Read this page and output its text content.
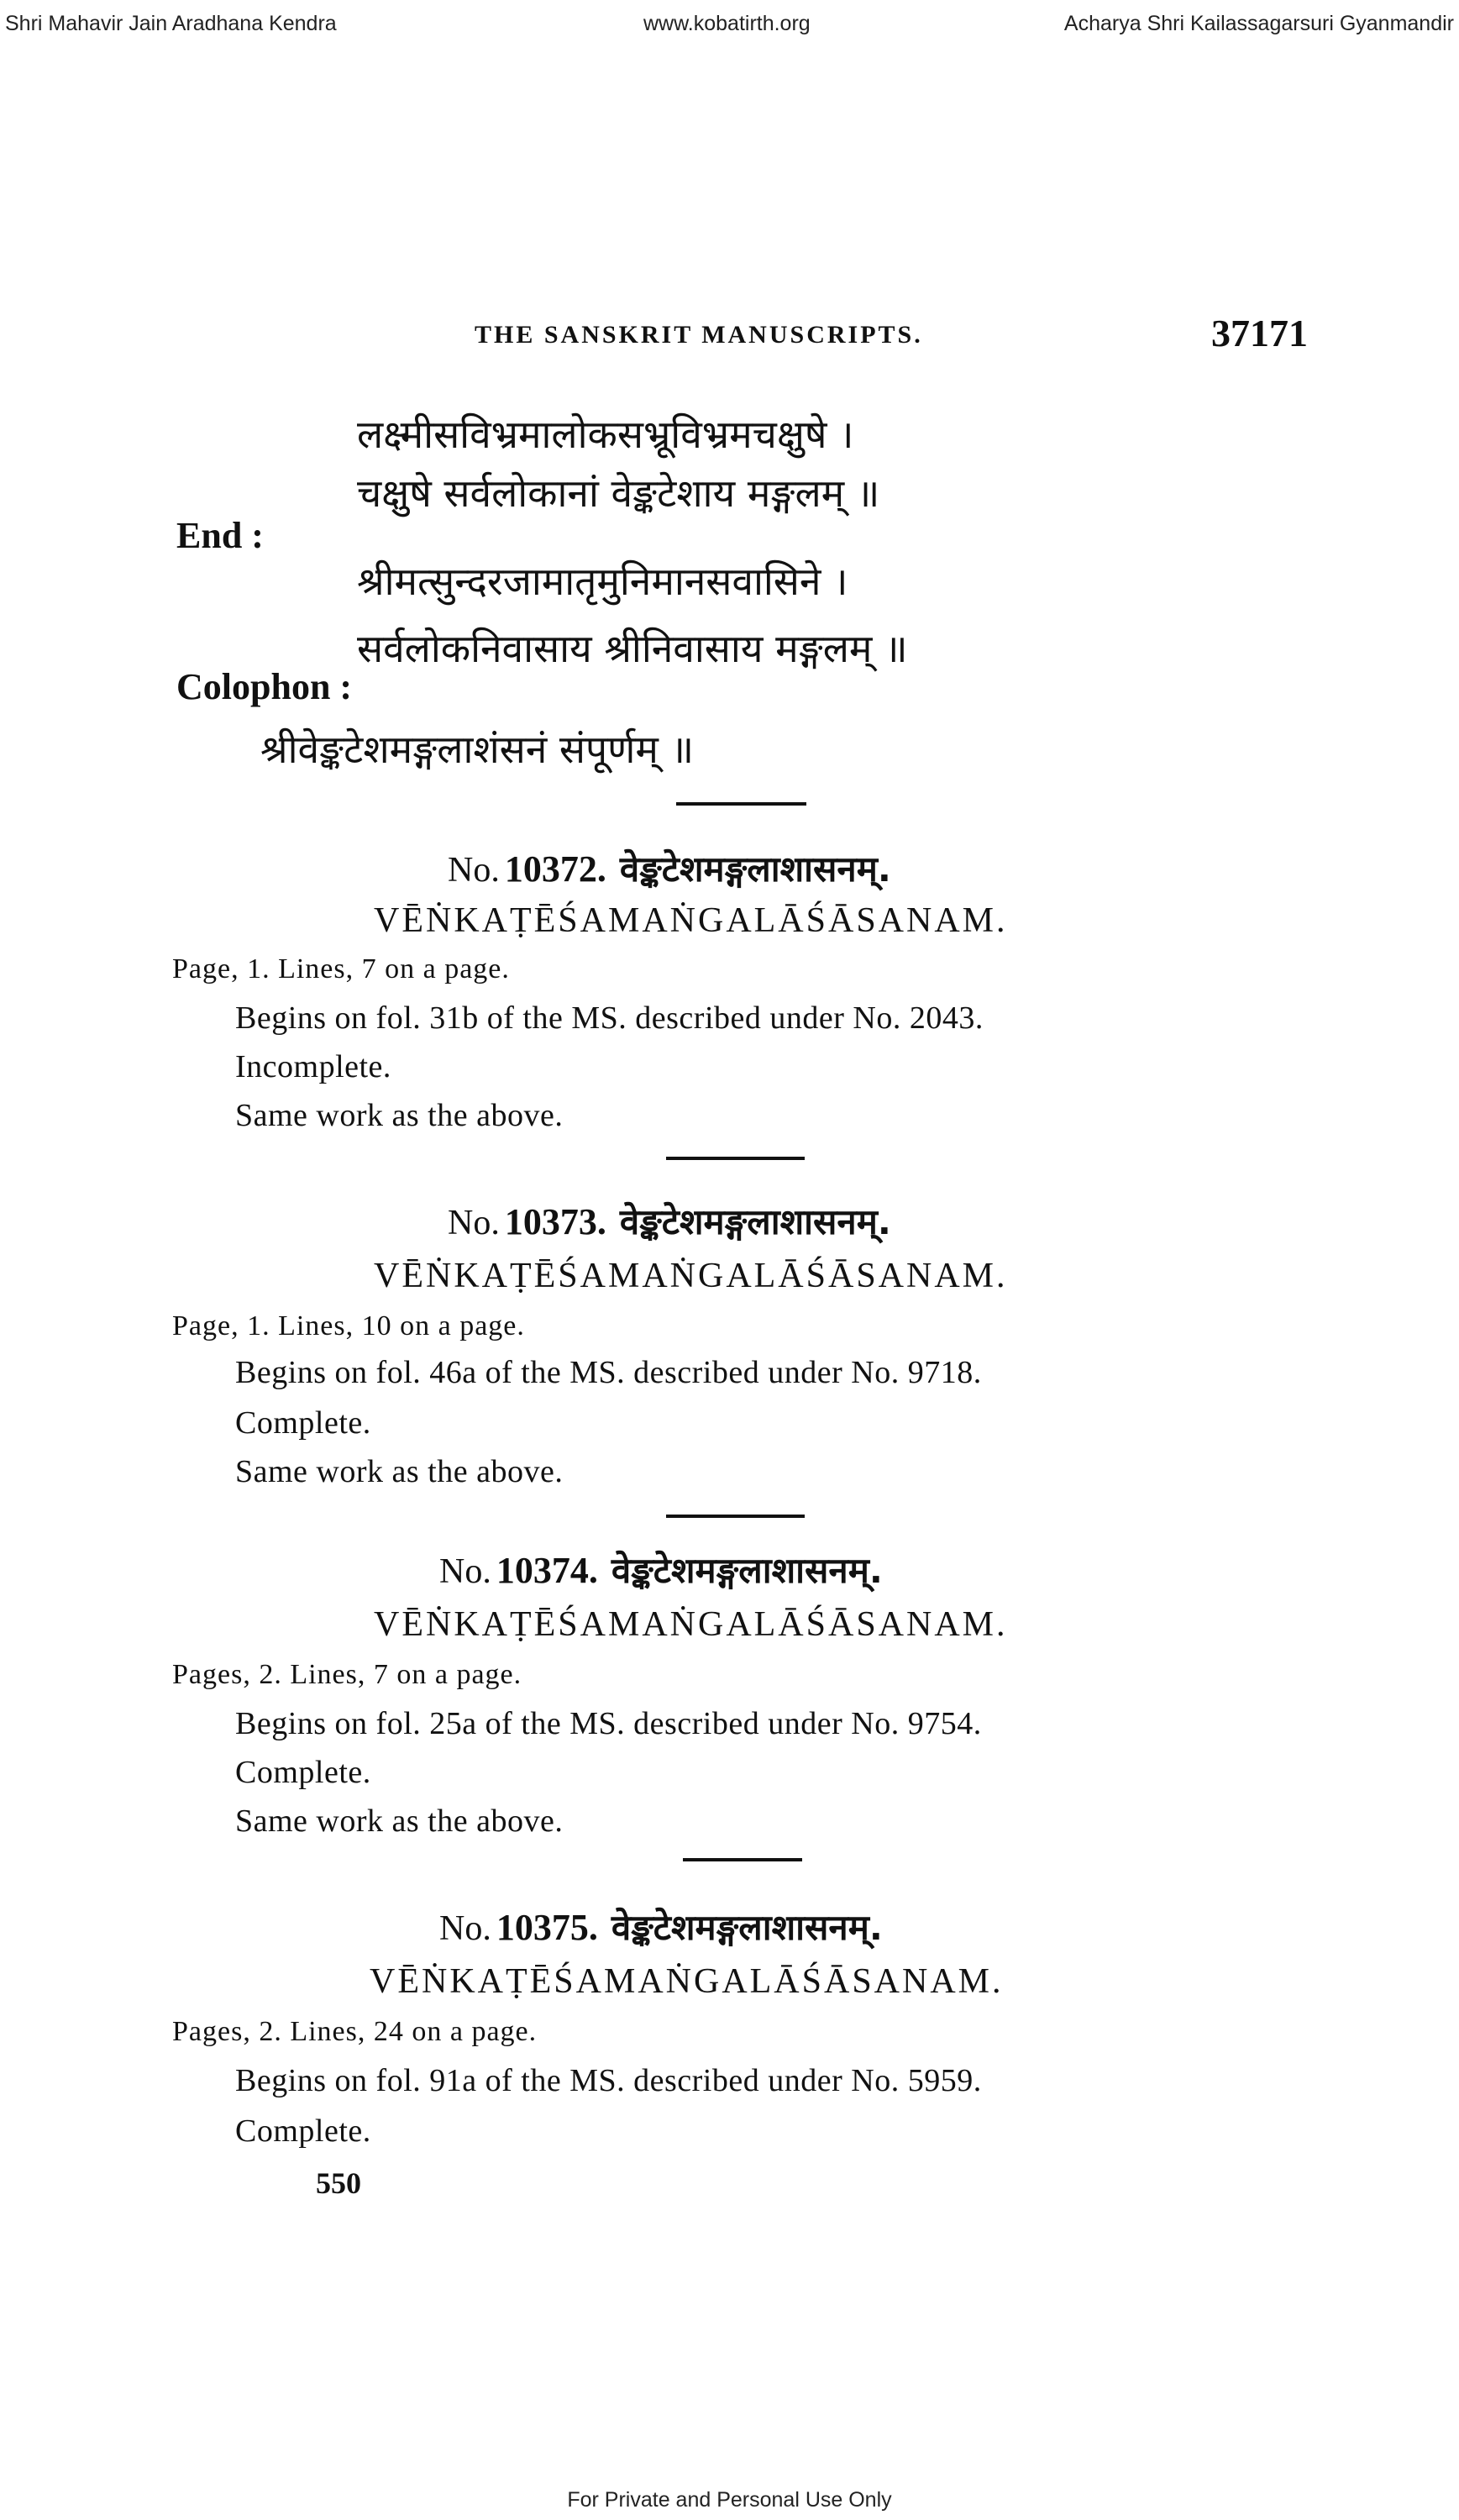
Shri Mahavir Jain Aradhana Kendra	www.kobatirth.org	Acharya Shri Kailassagarsuri Gyanmandir
THE SANSKRIT MANUSCRIPTS.	37171
लक्ष्मीसविभ्रमालोकसभ्रूविभ्रमचक्षुषे ।
चक्षुषे सर्वलोकानां वेङ्कटेशाय मङ्गलम् ॥
End :
श्रीमत्सुन्दरजामातृमुनिमानसवासिने ।
सर्वलोकनिवासाय श्रीनिवासाय मङ्गलम् ॥
Colophon :
श्रीवेङ्कटेशमङ्गलाशंसनं संपूर्णम् ॥
No. 10372. वेङ्कटेशमङ्गलाशासनम्.
VĒṄKAṬĒŚAMAṄGALĀŚĀSANAM.
Page, 1. Lines, 7 on a page.
Begins on fol. 31b of the MS. described under No. 2043.
Incomplete.
Same work as the above.
No. 10373. वेङ्कटेशमङ्गलाशासनम्.
VĒṄKAṬĒŚAMAṄGALĀŚĀSANAM.
Page, 1. Lines, 10 on a page.
Begins on fol. 46a of the MS. described under No. 9718.
Complete.
Same work as the above.
No. 10374. वेङ्कटेशमङ्गलाशासनम्.
VĒṄKAṬĒŚAMAṄGALĀŚĀSANAM.
Pages, 2. Lines, 7 on a page.
Begins on fol. 25a of the MS. described under No. 9754.
Complete.
Same work as the above.
No. 10375. वेङ्कटेशमङ्गलाशासनम्.
VĒṄKAṬĒŚAMAṄGALĀŚĀSANAM.
Pages, 2. Lines, 24 on a page.
Begins on fol. 91a of the MS. described under No. 5959.
Complete.
550
For Private and Personal Use Only
